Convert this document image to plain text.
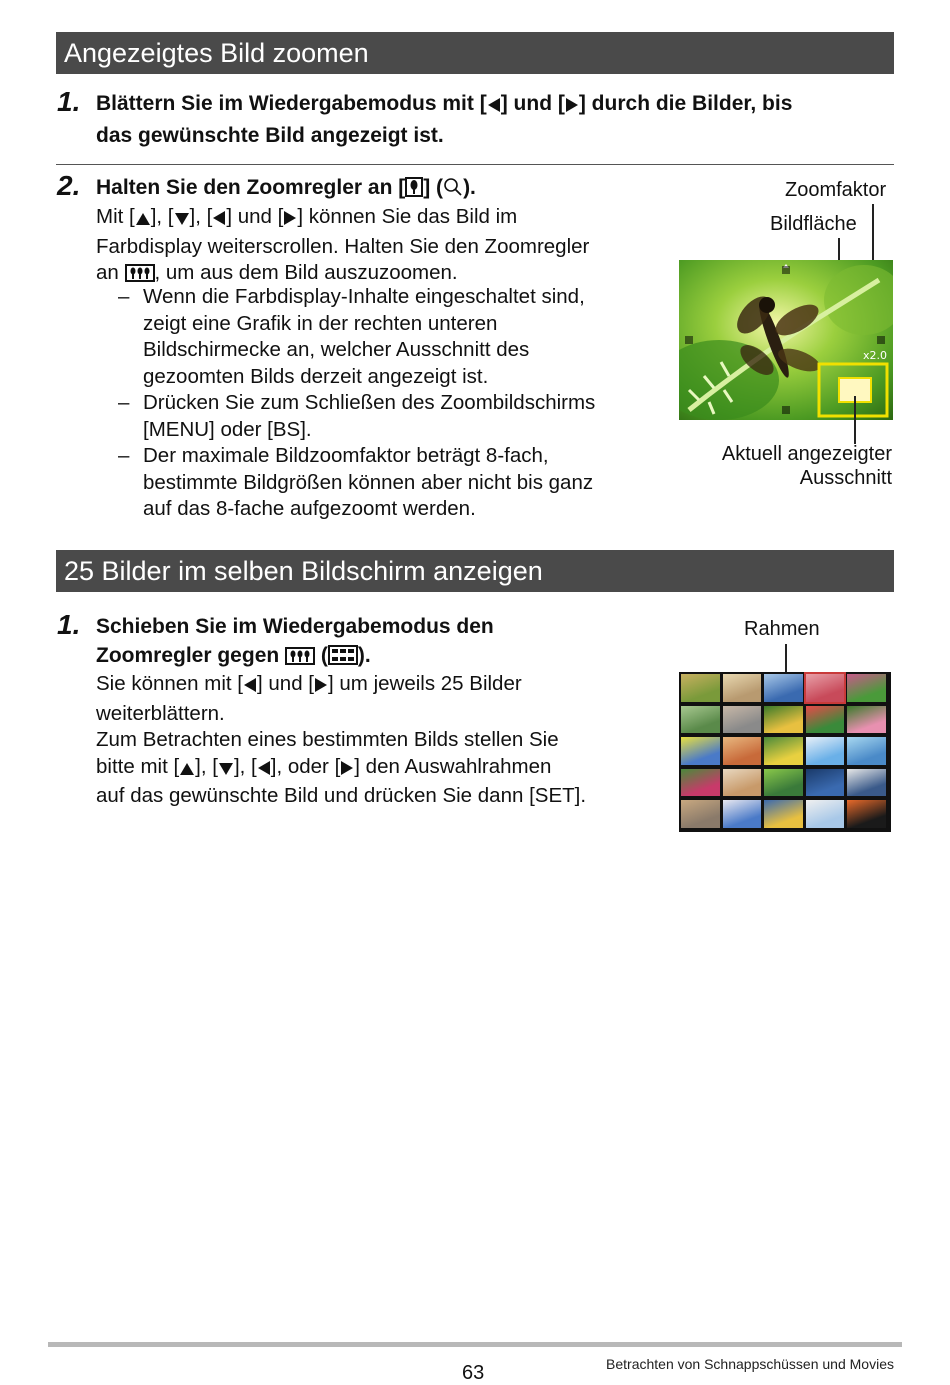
Angezeigtes Bild zoomen
1. Blättern Sie im Wiedergabemodus mit [ ] und [ ] durch die Bilder, bis
das gewünschte Bild angezeigt ist.
2. Halten Sie den Zoomregler an [ ] ( ).
Mit [ ], [ ], [ ] und [ ] können Sie das Bild im
Farbdisplay weiterscrollen. Halten Sie den Zoomregler
an , um aus dem Bild auszuzoomen.
– Wenn die Farbdisplay-Inhalte eingeschaltet sind,
zeigt eine Grafik in der rechten unteren
Bildschirmecke an, welcher Ausschnitt des
gezoomten Bilds derzeit angezeigt ist.
– Drücken Sie zum Schließen des Zoombildschirms
[MENU] oder [BS].
– Der maximale Bildzoomfaktor beträgt 8-fach,
bestimmte Bildgrößen können aber nicht bis ganz
auf das 8-fache aufgezoomt werden.
Zoomfaktor
Bildfläche
x2.0
Aktuell angezeigter
Ausschnitt
25 Bilder im selben Bildschirm anzeigen
1. Schieben Sie im Wiedergabemodus den
Zoomregler gegen  ( ).
Sie können mit [ ] und [ ] um jeweils 25 Bilder
weiterblättern.
Zum Betrachten eines bestimmten Bilds stellen Sie
bitte mit [ ], [ ], [ ], oder [ ] den Auswahlrahmen
auf das gewünschte Bild und drücken Sie dann [SET].
Rahmen
63	Betrachten von Schnappschüssen und Movies
